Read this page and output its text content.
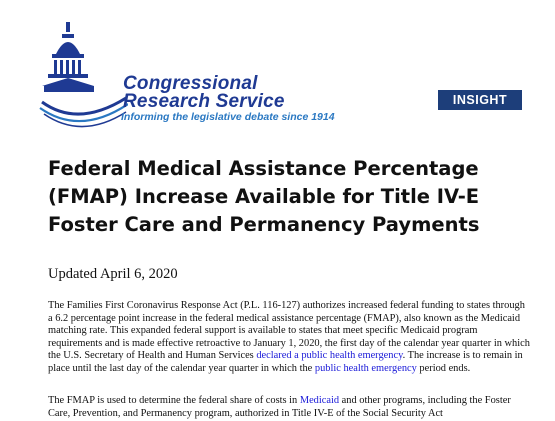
Congressional
Research Service
Informing the legislative debate since 1914
INSIGHT
Federal Medical Assistance Percentage (FMAP) Increase Available for Title IV-E Foster Care and Permanency Payments
Updated April 6, 2020

The Families First Coronavirus Response Act (P.L. 116-127) authorizes increased federal funding to states through a 6.2 percentage point increase in the federal medical assistance percentage (FMAP), also known as the Medicaid matching rate. This expanded federal support is available to states that meet specific Medicaid program requirements and is made effective retroactive to January 1, 2020, the first day of the calendar year quarter in which the U.S. Secretary of Health and Human Services declared a public health emergency. The increase is to remain in place until the last day of the calendar year quarter in which the public health emergency period ends.

The FMAP is used to determine the federal share of costs in Medicaid and other programs, including the Foster Care, Prevention, and Permanency program, authorized in Title IV-E of the Social Security Act
